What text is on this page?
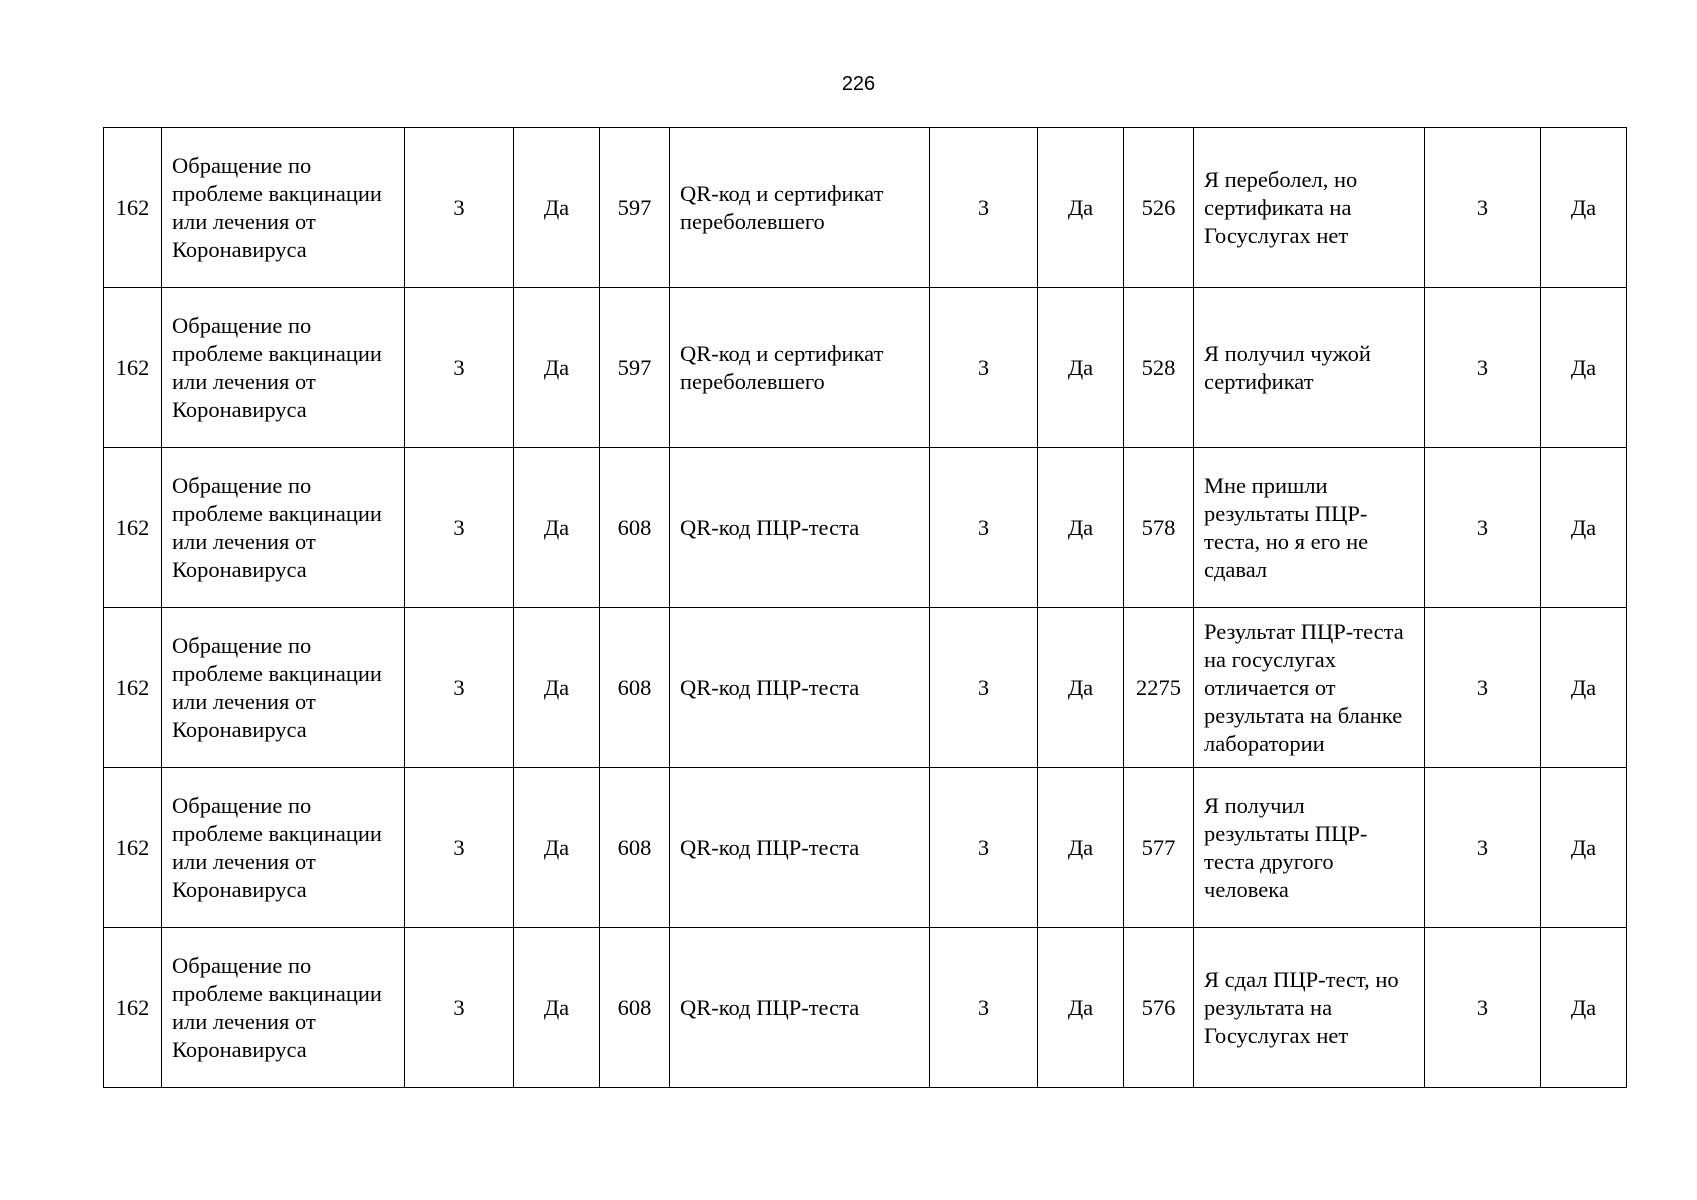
226
162	Обращение по проблеме вакцинации или лечения от Коронавируса	3	Да	597	QR-код и сертификат переболевшего	3	Да	526	Я переболел, но сертификата на Госуслугах нет	3	Да
162	Обращение по проблеме вакцинации или лечения от Коронавируса	3	Да	597	QR-код и сертификат переболевшего	3	Да	528	Я получил чужой сертификат	3	Да
162	Обращение по проблеме вакцинации или лечения от Коронавируса	3	Да	608	QR-код ПЦР-теста	3	Да	578	Мне пришли результаты ПЦР-теста, но я его не сдавал	3	Да
162	Обращение по проблеме вакцинации или лечения от Коронавируса	3	Да	608	QR-код ПЦР-теста	3	Да	2275	Результат ПЦР-теста на госуслугах отличается от результата на бланке лаборатории	3	Да
162	Обращение по проблеме вакцинации или лечения от Коронавируса	3	Да	608	QR-код ПЦР-теста	3	Да	577	Я получил результаты ПЦР-теста другого человека	3	Да
162	Обращение по проблеме вакцинации или лечения от Коронавируса	3	Да	608	QR-код ПЦР-теста	3	Да	576	Я сдал ПЦР-тест, но результата на Госуслугах нет	3	Да
